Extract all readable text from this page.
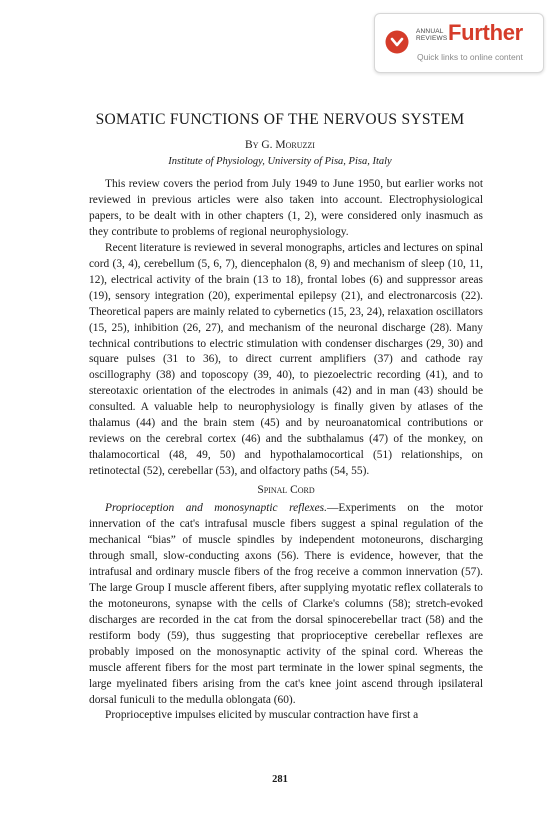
ANNUAL REVIEWS Further
Quick links to online content
SOMATIC FUNCTIONS OF THE NERVOUS SYSTEM
By G. Moruzzi
Institute of Physiology, University of Pisa, Pisa, Italy

This review covers the period from July 1949 to June 1950, but earlier works not reviewed in previous articles were also taken into account. Electrophysiological papers, to be dealt with in other chapters (1, 2), were considered only inasmuch as they contribute to problems of regional neurophysiology.

Recent literature is reviewed in several monographs, articles and lectures on spinal cord (3, 4), cerebellum (5, 6, 7), diencephalon (8, 9) and mechanism of sleep (10, 11, 12), electrical activity of the brain (13 to 18), frontal lobes (6) and suppressor areas (19), sensory integration (20), experimental epilepsy (21), and electronarcosis (22). Theoretical papers are mainly related to cybernetics (15, 23, 24), relaxation oscillators (15, 25), inhibition (26, 27), and mechanism of the neuronal discharge (28). Many technical contributions to electric stimulation with condenser discharges (29, 30) and square pulses (31 to 36), to direct current amplifiers (37) and cathode ray oscillography (38) and toposcopy (39, 40), to piezoelectric recording (41), and to stereotaxic orientation of the electrodes in animals (42) and in man (43) should be consulted. A valuable help to neurophysiology is finally given by atlases of the thalamus (44) and the brain stem (45) and by neuroanatomical contributions or reviews on the cerebral cortex (46) and the subthalamus (47) of the monkey, on thalamocortical (48, 49, 50) and hypothalamocortical (51) relationships, on retinotectal (52), cerebellar (53), and olfactory paths (54, 55).

Spinal Cord

Proprioception and monosynaptic reflexes.—Experiments on the motor innervation of the cat's intrafusal muscle fibers suggest a spinal regulation of the mechanical “bias” of muscle spindles by independent motoneurons, discharging through small, slow-conducting axons (56). There is evidence, however, that the intrafusal and ordinary muscle fibers of the frog receive a common innervation (57). The large Group I muscle afferent fibers, after supplying myotatic reflex collaterals to the motoneurons, synapse with the cells of Clarke's columns (58); stretch-evoked discharges are recorded in the cat from the dorsal spinocerebellar tract (58) and the restiform body (59), thus suggesting that proprioceptive cerebellar reflexes are probably imposed on the monosynaptic activity of the spinal cord. Whereas the muscle afferent fibers for the most part terminate in the lower spinal segments, the large myelinated fibers arising from the cat's knee joint ascend through ipsilateral dorsal funiculi to the medulla oblongata (60).

Proprioceptive impulses elicited by muscular contraction have first a

281
